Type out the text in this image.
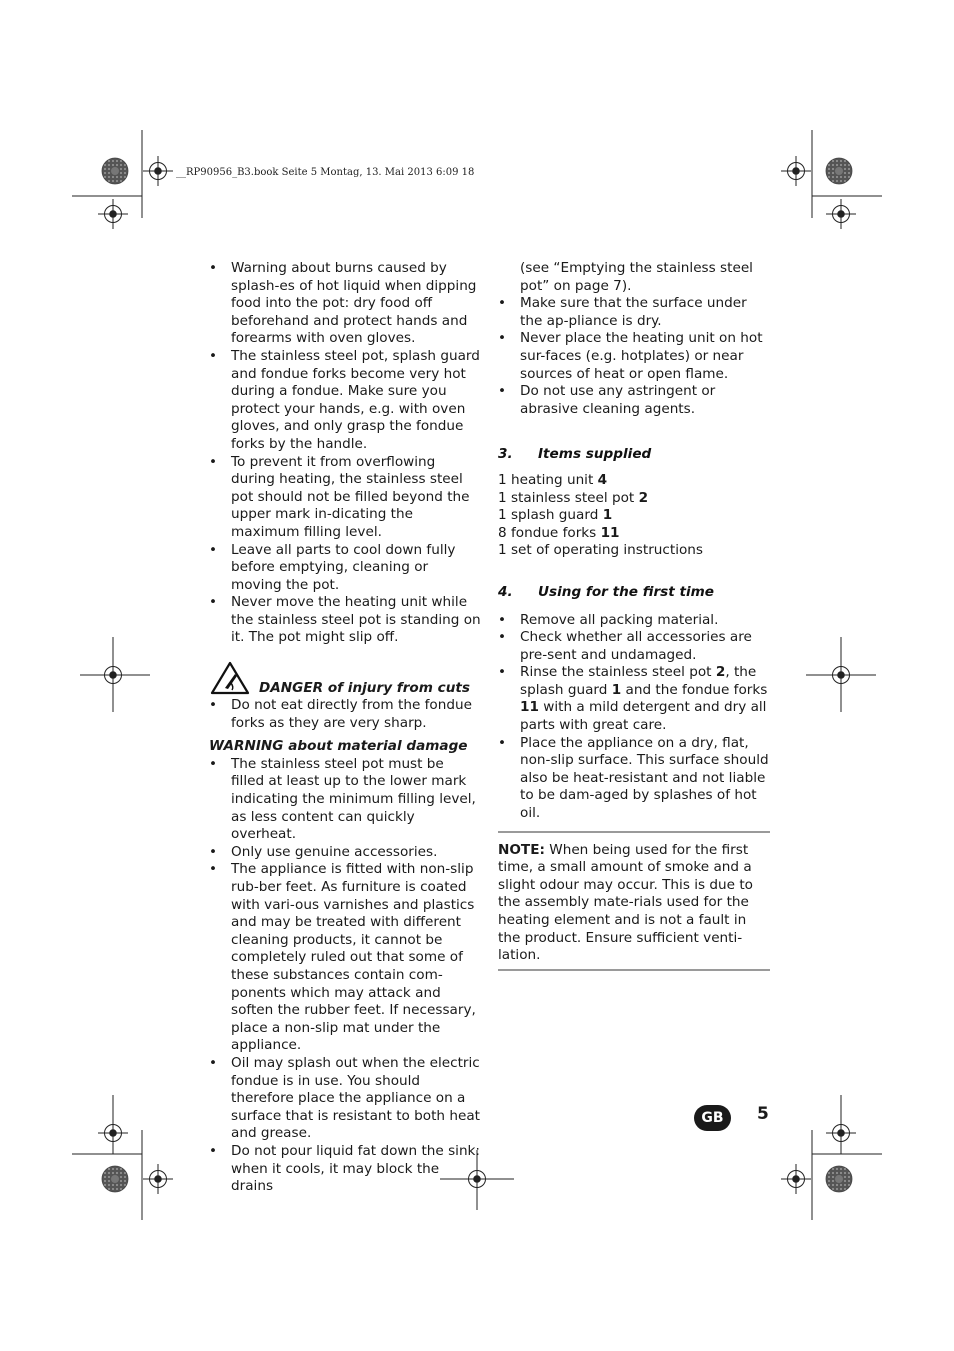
__RP90956_B3.book Seite 5 Montag, 13. Mai 2013 6:09 18
• Warning about burns caused by splash-es of hot liquid when dipping food into the pot: dry food off beforehand and protect hands and forearms with oven gloves.
• The stainless steel pot, splash guard and fondue forks become very hot during a fondue. Make sure you protect your hands, e.g. with oven gloves, and only grasp the fondue forks by the handle.
• To prevent it from overflowing during heating, the stainless steel pot should not be filled beyond the upper mark in-dicating the maximum filling level.
• Leave all parts to cool down fully before emptying, cleaning or moving the pot.
• Never move the heating unit while the stainless steel pot is standing on it. The pot might slip off.
DANGER of injury from cuts
• Do not eat directly from the fondue forks as they are very sharp.
WARNING about material damage
• The stainless steel pot must be filled at least up to the lower mark indicating the minimum filling level, as less content can quickly overheat.
• Only use genuine accessories.
• The appliance is fitted with non-slip rub-ber feet. As furniture is coated with vari-ous varnishes and plastics and may be treated with different cleaning products, it cannot be completely ruled out that some of these substances contain com-ponents which may attack and soften the rubber feet. If necessary, place a non-slip mat under the appliance.
• Oil may splash out when the electric fondue is in use. You should therefore place the appliance on a surface that is resistant to both heat and grease.
• Do not pour liquid fat down the sink: when it cools, it may block the drains
(see “Emptying the stainless steel pot” on page 7).
• Make sure that the surface under the ap-pliance is dry.
• Never place the heating unit on hot sur-faces (e.g. hotplates) or near sources of heat or open flame.
• Do not use any astringent or abrasive cleaning agents.
3.	Items supplied
1 heating unit 4
1 stainless steel pot 2
1 splash guard 1
8 fondue forks 11
1 set of operating instructions
4.	Using for the first time
• Remove all packing material.
• Check whether all accessories are pre-sent and undamaged.
• Rinse the stainless steel pot 2, the splash guard 1 and the fondue forks 11 with a mild detergent and dry all parts with great care.
• Place the appliance on a dry, flat, non-slip surface. This surface should also be heat-resistant and not liable to be dam-aged by splashes of hot oil.
NOTE: When being used for the first time, a small amount of smoke and a slight odour may occur. This is due to the assembly mate-rials used for the heating element and is not a fault in the product. Ensure sufficient venti-lation.
GB	5
